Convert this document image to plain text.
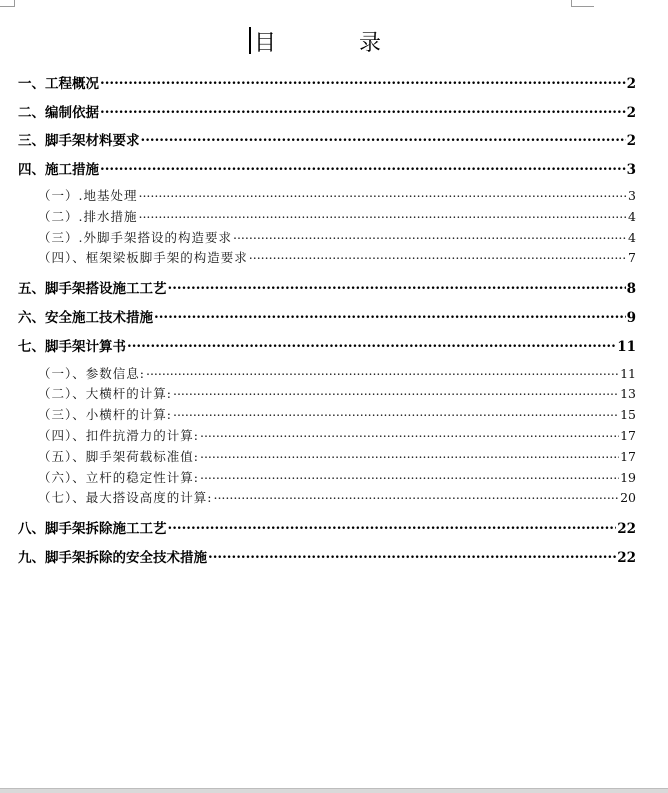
目 录
一、工程概况 .....	2
二、编制依据 .....	2
三、脚手架材料要求 .....	2
四、施工措施 .....	3
（一）.地基处理 .....	3
（二）.排水措施 .....	4
（三）.外脚手架搭设的构造要求 .....	4
（四）、框架梁板脚手架的构造要求 .....	7
五、脚手架搭设施工工艺 .....	8
六、安全施工技术措施 .....	9
七、脚手架计算书 .....	11
（一）、参数信息: .....	11
（二）、大横杆的计算: .....	13
（三）、小横杆的计算: .....	15
（四）、扣件抗滑力的计算: .....	17
（五）、脚手架荷载标准值: .....	17
（六）、立杆的稳定性计算: .....	19
（七）、最大搭设高度的计算: .....	20
八、脚手架拆除施工工艺 .....	22
九、脚手架拆除的安全技术措施 .....	22
